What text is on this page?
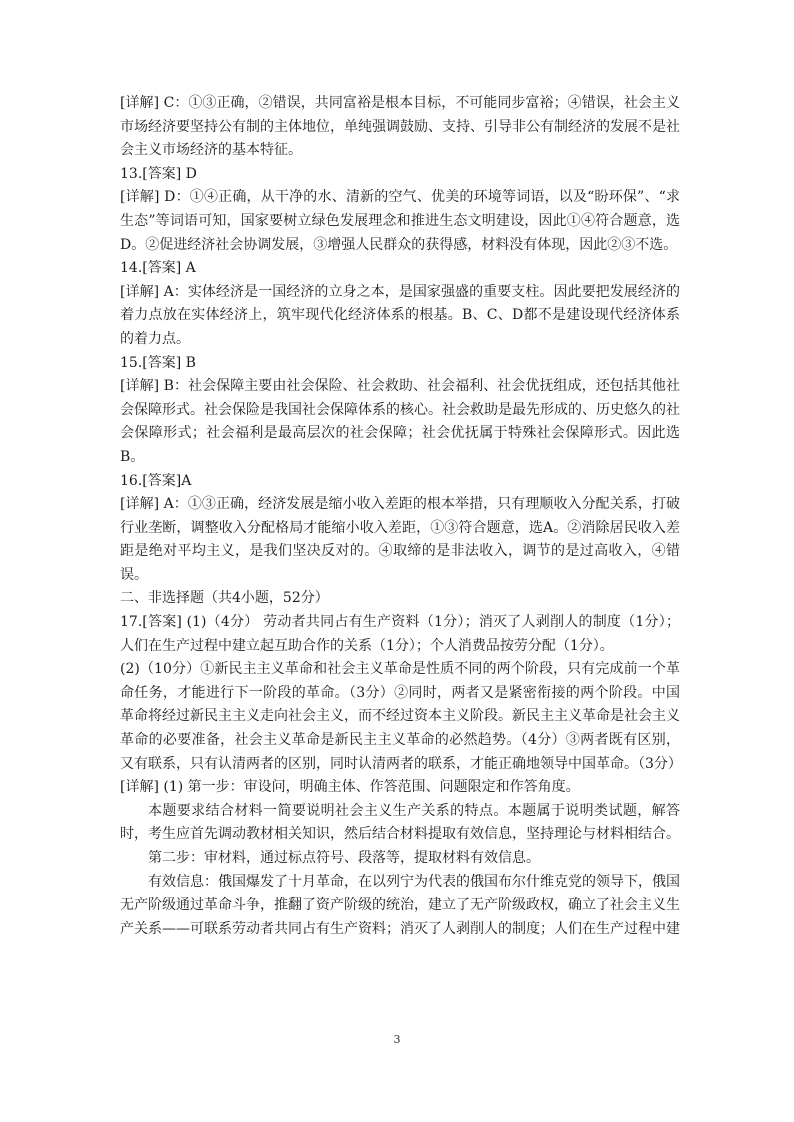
[详解] C：①③正确，②错误，共同富裕是根本目标，不可能同步富裕；④错误，社会主义市场经济要坚持公有制的主体地位，单纯强调鼓励、支持、引导非公有制经济的发展不是社会主义市场经济的基本特征。

13.[答案] D

[详解] D：①④正确，从干净的水、清新的空气、优美的环境等词语，以及“盼环保”、“求生态”等词语可知，国家要树立绿色发展理念和推进生态文明建设，因此①④符合题意，选D。②促进经济社会协调发展，③增强人民群众的获得感，材料没有体现，因此②③不选。

14.[答案] A

[详解] A：实体经济是一国经济的立身之本，是国家强盛的重要支柱。因此要把发展经济的着力点放在实体经济上，筑牢现代化经济体系的根基。B、C、D都不是建设现代经济体系的着力点。

15.[答案] B

[详解] B：社会保障主要由社会保险、社会救助、社会福利、社会优抚组成，还包括其他社会保障形式。社会保险是我国社会保障体系的核心。社会救助是最先形成的、历史悠久的社会保障形式；社会福利是最高层次的社会保障；社会优抚属于特殊社会保障形式。因此选B。

16.[答案]A

[详解] A：①③正确，经济发展是缩小收入差距的根本举措，只有理顺收入分配关系，打破行业垄断，调整收入分配格局才能缩小收入差距，①③符合题意，选A。②消除居民收入差距是绝对平均主义，是我们坚决反对的。④取缔的是非法收入，调节的是过高收入，④错误。

二、非选择题（共4小题，52分）

17.[答案] (1)（4分） 劳动者共同占有生产资料（1分）；消灭了人剥削人的制度（1分）；人们在生产过程中建立起互助合作的关系（1分）；个人消费品按劳分配（1分）。

(2)（10分）①新民主主义革命和社会主义革命是性质不同的两个阶段，只有完成前一个革命任务，才能进行下一阶段的革命。（3分）②同时，两者又是紧密衔接的两个阶段。中国革命将经过新民主主义走向社会主义，而不经过资本主义阶段。新民主主义革命是社会主义革命的必要准备，社会主义革命是新民主主义革命的必然趋势。（4分）③两者既有区别，又有联系，只有认清两者的区别，同时认清两者的联系，才能正确地领导中国革命。（3分）

[详解] (1) 第一步：审设问，明确主体、作答范围、问题限定和作答角度。

本题要求结合材料一简要说明社会主义生产关系的特点。本题属于说明类试题，解答时，考生应首先调动教材相关知识，然后结合材料提取有效信息，坚持理论与材料相结合。

第二步：审材料，通过标点符号、段落等，提取材料有效信息。

有效信息：俄国爆发了十月革命，在以列宁为代表的俄国布尔什维克党的领导下，俄国无产阶级通过革命斗争，推翻了资产阶级的统治，建立了无产阶级政权，确立了社会主义生产关系——可联系劳动者共同占有生产资料；消灭了人剥削人的制度；人们在生产过程中建

3
